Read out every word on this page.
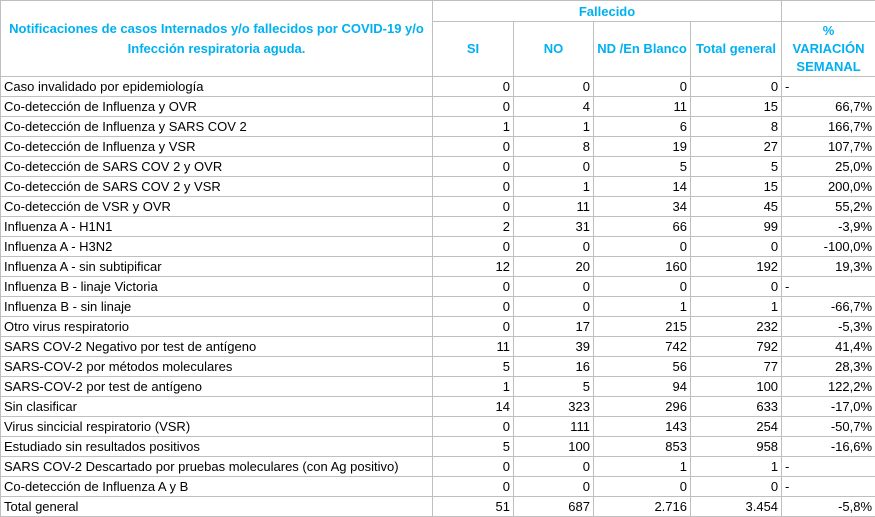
Notificaciones de casos Internados y/o fallecidos por COVID-19 y/o Infección respiratoria aguda.	Fallecido				
	SI	NO	ND /En Blanco	Total general	% VARIACIÓN SEMANAL
Caso invalidado por epidemiología	0	0	0	0	-
Co-detección de Influenza y OVR	0	4	11	15	66,7%
Co-detección de Influenza y SARS COV 2	1	1	6	8	166,7%
Co-detección de Influenza y VSR	0	8	19	27	107,7%
Co-detección de SARS COV 2 y OVR	0	0	5	5	25,0%
Co-detección de SARS COV 2 y VSR	0	1	14	15	200,0%
Co-detección de VSR y OVR	0	11	34	45	55,2%
Influenza A - H1N1	2	31	66	99	-3,9%
Influenza A - H3N2	0	0	0	0	-100,0%
Influenza A - sin subtipificar	12	20	160	192	19,3%
Influenza B - linaje Victoria	0	0	0	0	-
Influenza B - sin linaje	0	0	1	1	-66,7%
Otro virus respiratorio	0	17	215	232	-5,3%
SARS COV-2 Negativo por test de antígeno	11	39	742	792	41,4%
SARS-COV-2 por métodos moleculares	5	16	56	77	28,3%
SARS-COV-2 por test de antígeno	1	5	94	100	122,2%
Sin clasificar	14	323	296	633	-17,0%
Virus sincicial respiratorio (VSR)	0	111	143	254	-50,7%
Estudiado sin resultados positivos	5	100	853	958	-16,6%
SARS COV-2 Descartado por pruebas moleculares (con Ag positivo)	0	0	1	1	-
Co-detección de Influenza A y B	0	0	0	0	-
Total general	51	687	2.716	3.454	-5,8%
